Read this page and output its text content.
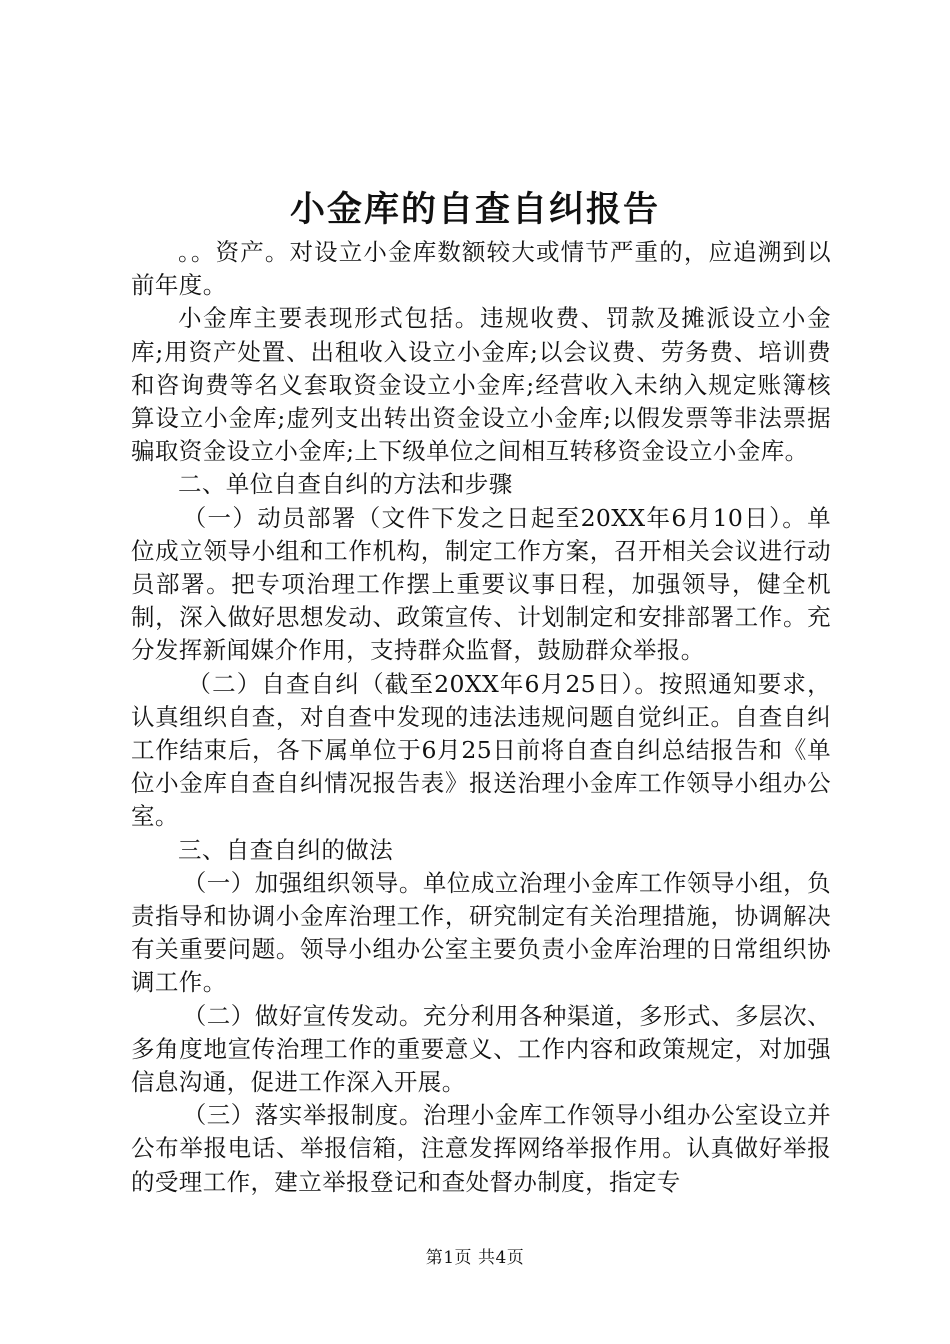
小金库的自查自纠报告

。。资产。对设立小金库数额较大或情节严重的，应追溯到以前年度。

小金库主要表现形式包括。违规收费、罚款及摊派设立小金库;用资产处置、出租收入设立小金库;以会议费、劳务费、培训费和咨询费等名义套取资金设立小金库;经营收入未纳入规定账簿核算设立小金库;虚列支出转出资金设立小金库;以假发票等非法票据骗取资金设立小金库;上下级单位之间相互转移资金设立小金库。

二、单位自查自纠的方法和步骤

（一）动员部署（文件下发之日起至20XX年6月10日）。单位成立领导小组和工作机构，制定工作方案，召开相关会议进行动员部署。把专项治理工作摆上重要议事日程，加强领导，健全机制，深入做好思想发动、政策宣传、计划制定和安排部署工作。充分发挥新闻媒介作用，支持群众监督，鼓励群众举报。

（二）自查自纠（截至20XX年6月25日）。按照通知要求，认真组织自查，对自查中发现的违法违规问题自觉纠正。自查自纠工作结束后，各下属单位于6月25日前将自查自纠总结报告和《单位小金库自查自纠情况报告表》报送治理小金库工作领导小组办公室。

三、自查自纠的做法

（一）加强组织领导。单位成立治理小金库工作领导小组，负责指导和协调小金库治理工作，研究制定有关治理措施，协调解决有关重要问题。领导小组办公室主要负责小金库治理的日常组织协调工作。

（二）做好宣传发动。充分利用各种渠道，多形式、多层次、多角度地宣传治理工作的重要意义、工作内容和政策规定，对加强信息沟通，促进工作深入开展。

（三）落实举报制度。治理小金库工作领导小组办公室设立并公布举报电话、举报信箱，注意发挥网络举报作用。认真做好举报的受理工作，建立举报登记和查处督办制度，指定专

第1页 共4页
